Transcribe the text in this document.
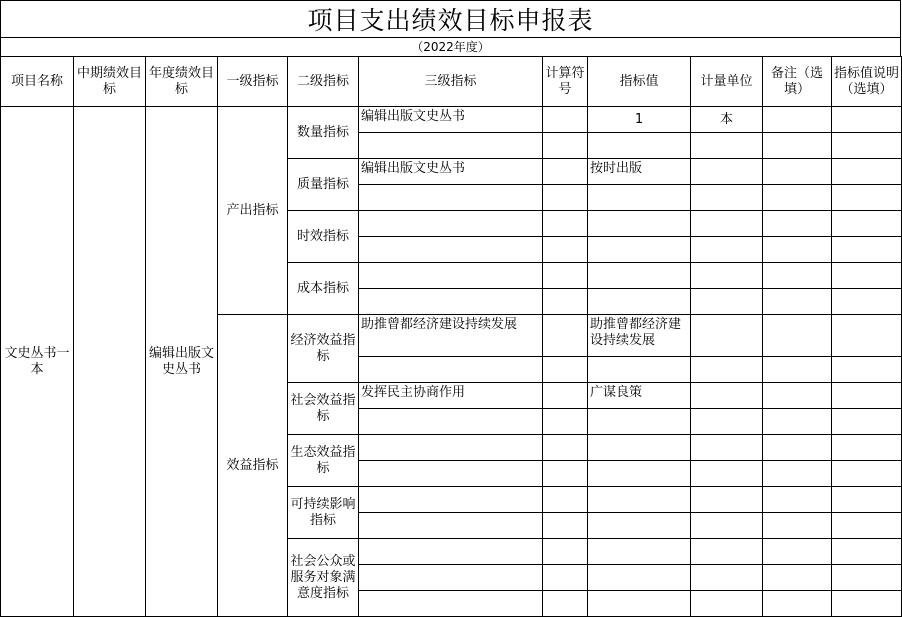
项目支出绩效目标申报表
（2022年度）
项目名称	中期绩效目标	年度绩效目标	一级指标	二级指标	三级指标	计算符号	指标值	计量单位	备注（选填）	指标值说明（选填）
文史丛书一本		编辑出版文史丛书	产出指标	数量指标	编辑出版文史丛书		1	本		

				质量指标	编辑出版文史丛书		按时出版			

				时效指标						

				成本指标						

			效益指标	经济效益指标	助推曾都经济建设持续发展		助推曾都经济建设持续发展			

				社会效益指标	发挥民主协商作用		广谋良策			

				生态效益指标						

				可持续影响指标						

				社会公众或服务对象满意度指标						
